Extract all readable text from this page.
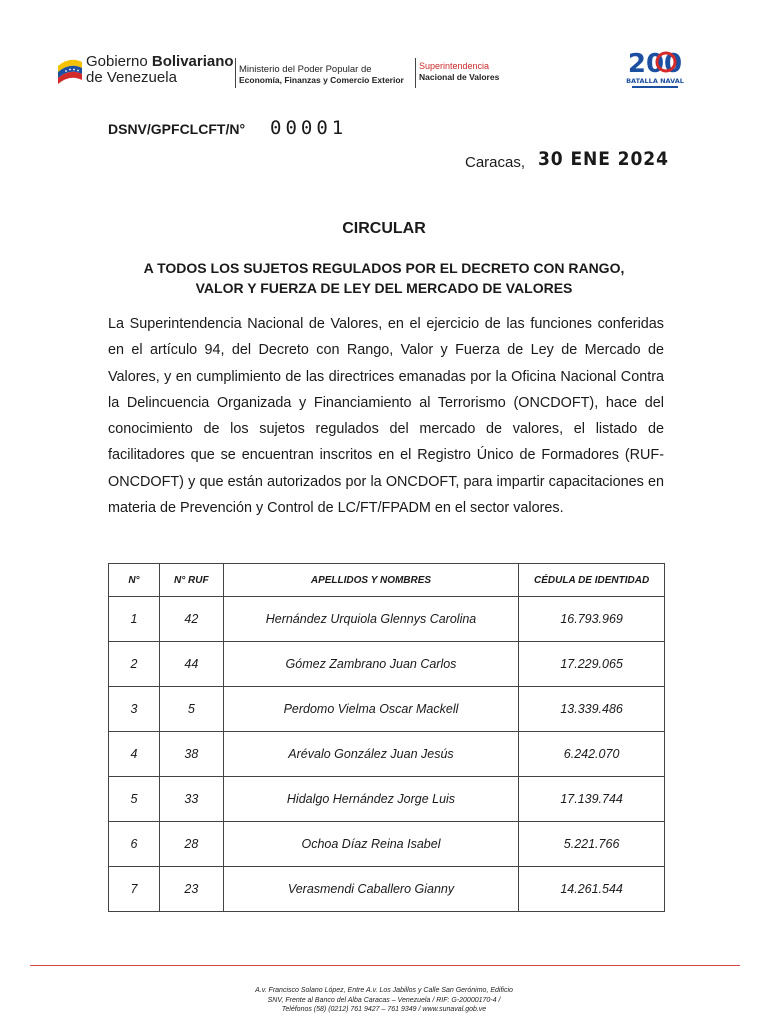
Gobierno Bolivariano
de Venezuela	Ministerio del Poder Popular de
Economía, Finanzas y Comercio Exterior
Superintendencia
Nacional de Valores	200
BATALLA NAVAL
DSNV/GPFCLCFT/N° 00001
Caracas, 30 ENE 2024
CIRCULAR
A TODOS LOS SUJETOS REGULADOS POR EL DECRETO CON RANGO,
VALOR Y FUERZA DE LEY DEL MERCADO DE VALORES
La Superintendencia Nacional de Valores, en el ejercicio de las funciones conferidas en el artículo 94, del Decreto con Rango, Valor y Fuerza de Ley de Mercado de Valores, y en cumplimiento de las directrices emanadas por la Oficina Nacional Contra la Delincuencia Organizada y Financiamiento al Terrorismo (ONCDOFT), hace del conocimiento de los sujetos regulados del mercado de valores, el listado de facilitadores que se encuentran inscritos en el Registro Único de Formadores (RUF-ONCDOFT) y que están autorizados por la ONCDOFT, para impartir capacitaciones en materia de Prevención y Control de LC/FT/FPADM en el sector valores.
N°	N° RUF	APELLIDOS Y NOMBRES	CÉDULA DE IDENTIDAD
1	42	Hernández Urquiola Glennys Carolina	16.793.969
2	44	Gómez Zambrano Juan Carlos	17.229.065
3	5	Perdomo Vielma Oscar Mackell	13.339.486
4	38	Arévalo González Juan Jesús	6.242.070
5	33	Hidalgo Hernández Jorge Luis	17.139.744
6	28	Ochoa Díaz Reina Isabel	5.221.766
7	23	Verasmendi Caballero Gianny	14.261.544
A.v. Francisco Solano López, Entre A.v. Los Jabillos y Calle San Gerónimo, Edificio
SNV, Frente al Banco del Alba Caracas – Venezuela / RIF: G-20000170-4 /
Teléfonos (58) (0212) 761 9427 – 761 9349 / www.sunaval.gob.ve
